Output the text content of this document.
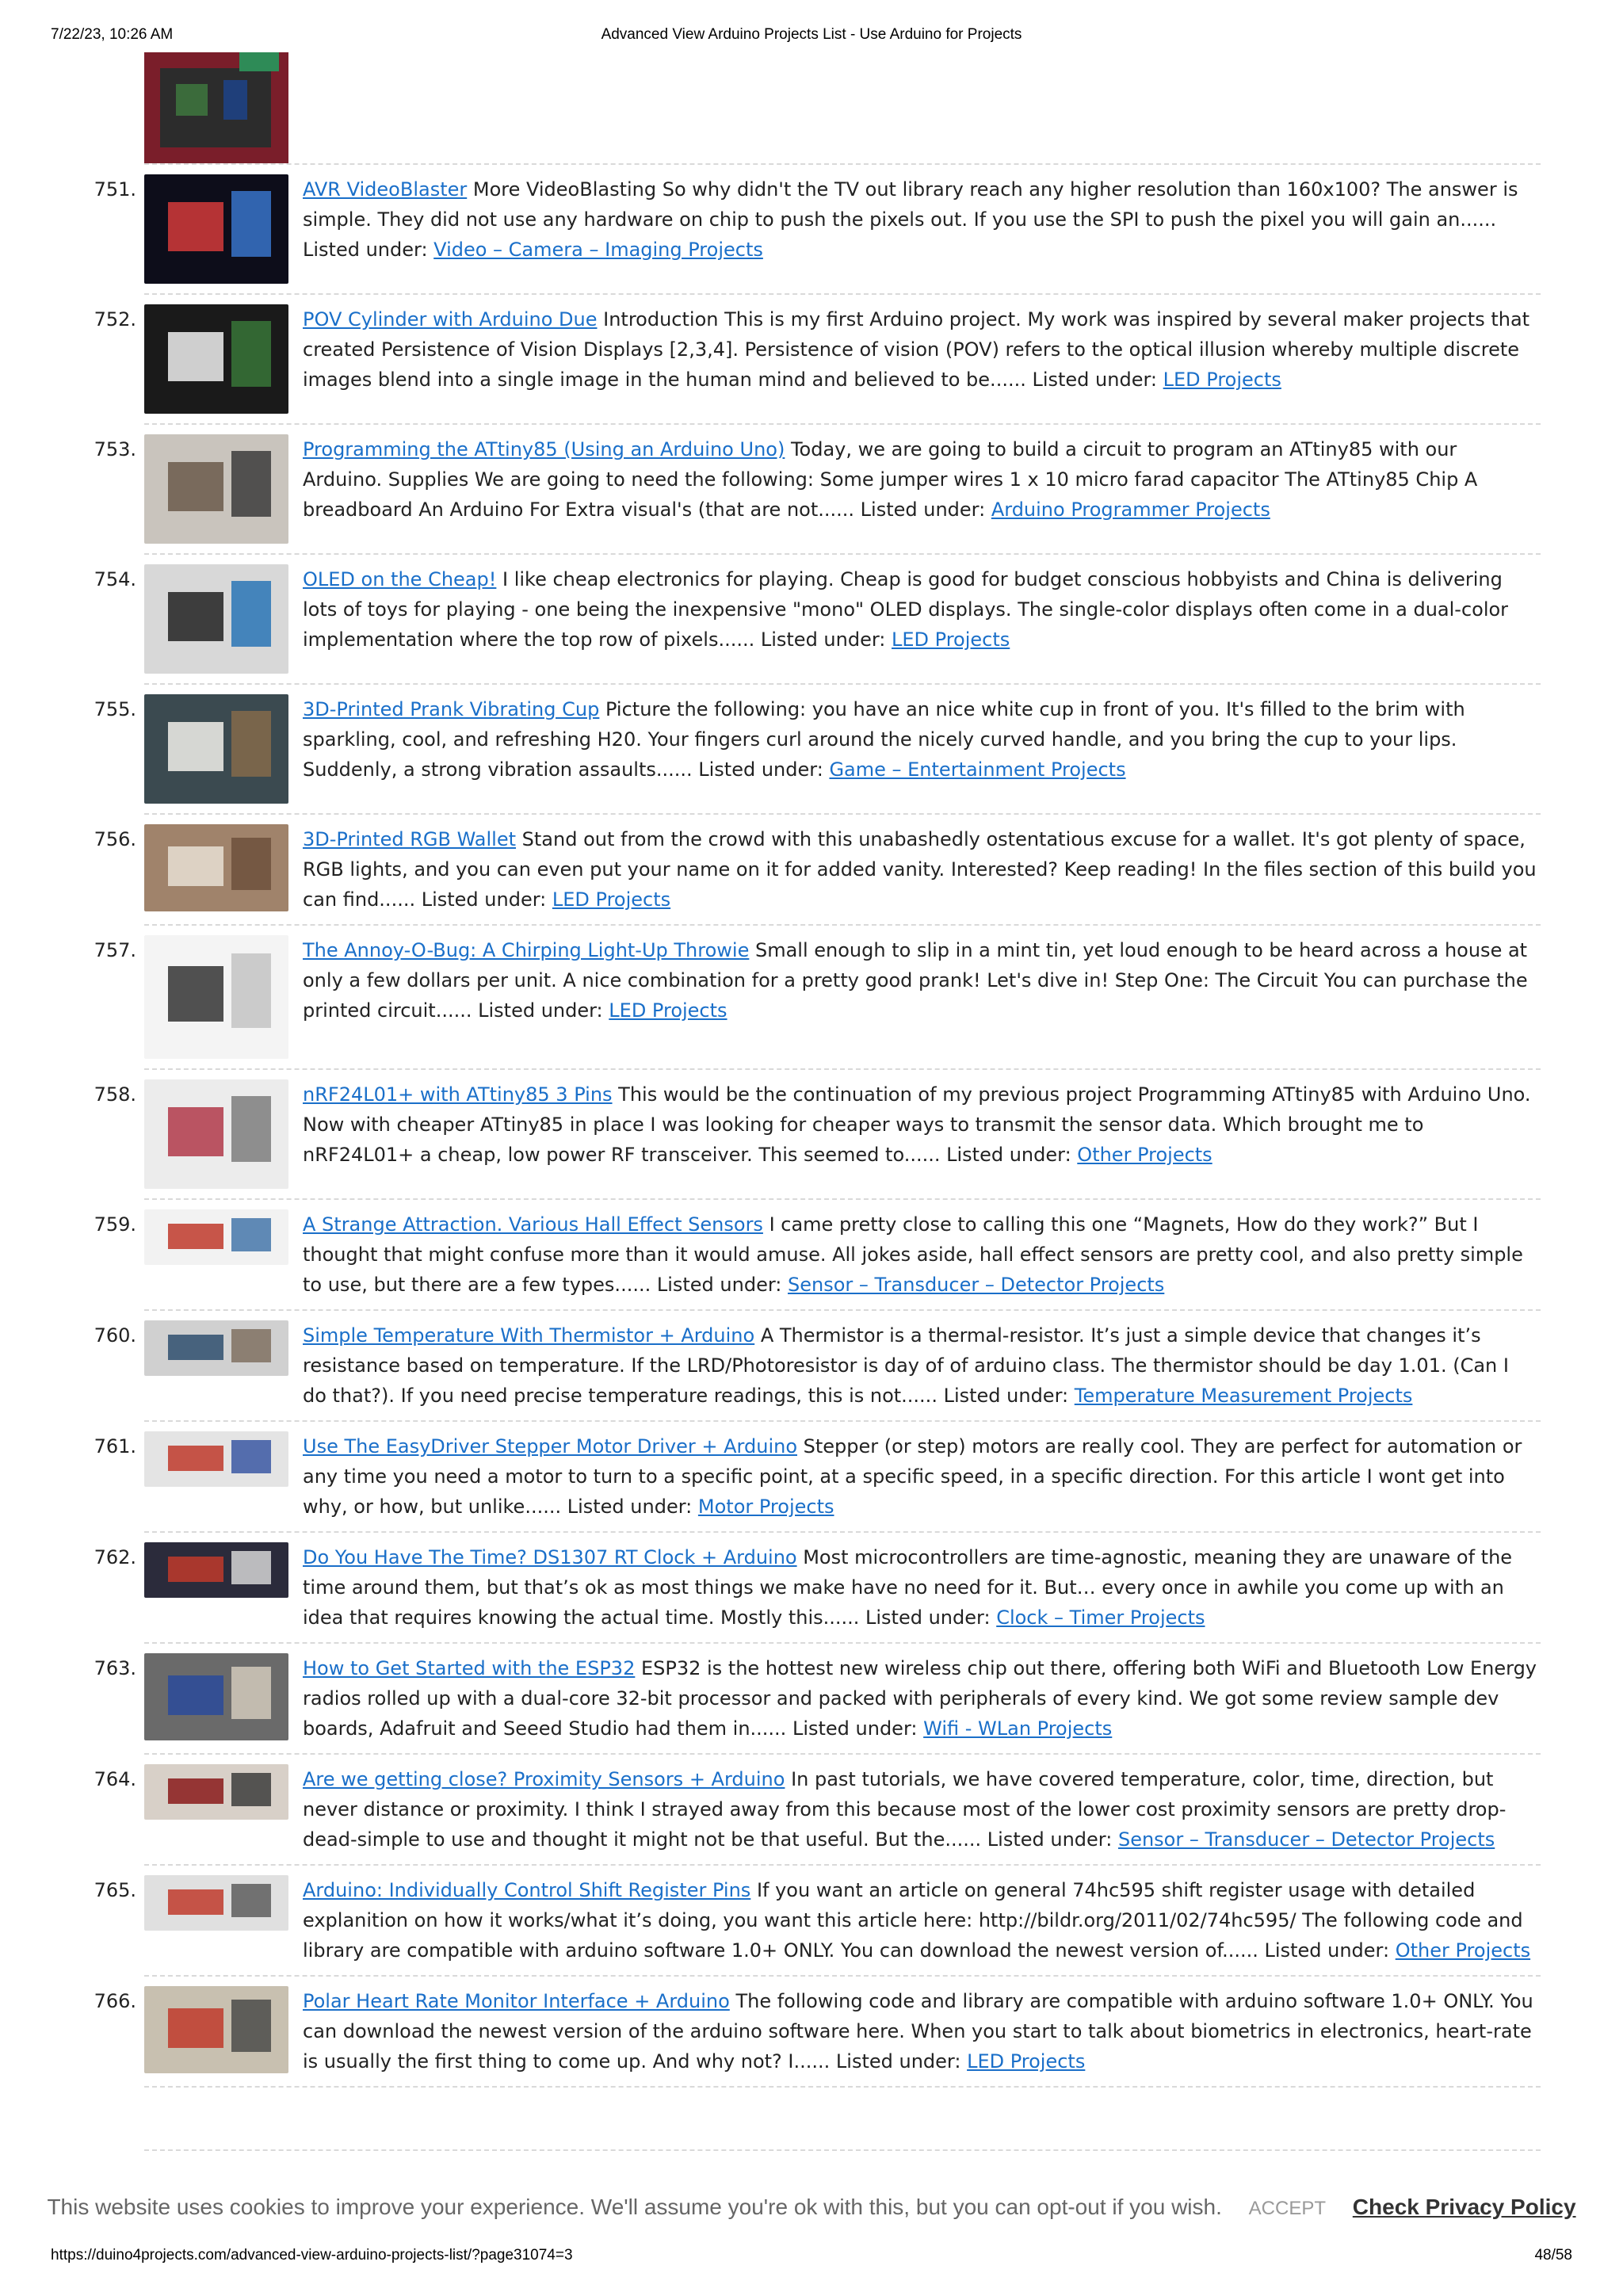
7/22/23, 10:26 AM	Advanced View Arduino Projects List - Use Arduino for Projects
751.	AVR VideoBlaster More VideoBlasting So why didn't the TV out library reach any higher resolution than 160x100? The answer is simple. They did not use any hardware on chip to push the pixels out. If you use the SPI to push the pixel you will gain an...... Listed under: Video – Camera – Imaging Projects
752.	POV Cylinder with Arduino Due Introduction This is my first Arduino project. My work was inspired by several maker projects that created Persistence of Vision Displays [2,3,4]. Persistence of vision (POV) refers to the optical illusion whereby multiple discrete images blend into a single image in the human mind and believed to be...... Listed under: LED Projects
753.	Programming the ATtiny85 (Using an Arduino Uno) Today, we are going to build a circuit to program an ATtiny85 with our Arduino. Supplies We are going to need the following: Some jumper wires 1 x 10 micro farad capacitor The ATtiny85 Chip A breadboard An Arduino For Extra visual's (that are not...... Listed under: Arduino Programmer Projects
754.	OLED on the Cheap! I like cheap electronics for playing. Cheap is good for budget conscious hobbyists and China is delivering lots of toys for playing - one being the inexpensive "mono" OLED displays. The single-color displays often come in a dual-color implementation where the top row of pixels...... Listed under: LED Projects
755.	3D-Printed Prank Vibrating Cup Picture the following: you have an nice white cup in front of you. It's filled to the brim with sparkling, cool, and refreshing H20. Your fingers curl around the nicely curved handle, and you bring the cup to your lips. Suddenly, a strong vibration assaults...... Listed under: Game – Entertainment Projects
756.	3D-Printed RGB Wallet Stand out from the crowd with this unabashedly ostentatious excuse for a wallet. It's got plenty of space, RGB lights, and you can even put your name on it for added vanity. Interested? Keep reading! In the files section of this build you can find...... Listed under: LED Projects
757.	The Annoy-O-Bug: A Chirping Light-Up Throwie Small enough to slip in a mint tin, yet loud enough to be heard across a house at only a few dollars per unit. A nice combination for a pretty good prank! Let's dive in! Step One: The Circuit You can purchase the printed circuit...... Listed under: LED Projects
758.	nRF24L01+ with ATtiny85 3 Pins This would be the continuation of my previous project Programming ATtiny85 with Arduino Uno. Now with cheaper ATtiny85 in place I was looking for cheaper ways to transmit the sensor data. Which brought me to nRF24L01+ a cheap, low power RF transceiver. This seemed to...... Listed under: Other Projects
759.	A Strange Attraction. Various Hall Effect Sensors I came pretty close to calling this one “Magnets, How do they work?” But I thought that might confuse more than it would amuse. All jokes aside, hall effect sensors are pretty cool, and also pretty simple to use, but there are a few types...... Listed under: Sensor – Transducer – Detector Projects
760.	Simple Temperature With Thermistor + Arduino A Thermistor is a thermal-resistor. It’s just a simple device that changes it’s resistance based on temperature. If the LRD/Photoresistor is day of of arduino class. The thermistor should be day 1.01. (Can I do that?). If you need precise temperature readings, this is not...... Listed under: Temperature Measurement Projects
761.	Use The EasyDriver Stepper Motor Driver + Arduino Stepper (or step) motors are really cool. They are perfect for automation or any time you need a motor to turn to a specific point, at a specific speed, in a specific direction. For this article I wont get into why, or how, but unlike...... Listed under: Motor Projects
762.	Do You Have The Time? DS1307 RT Clock + Arduino Most microcontrollers are time-agnostic, meaning they are unaware of the time around them, but that’s ok as most things we make have no need for it. But… every once in awhile you come up with an idea that requires knowing the actual time. Mostly this...... Listed under: Clock – Timer Projects
763.	How to Get Started with the ESP32 ESP32 is the hottest new wireless chip out there, offering both WiFi and Bluetooth Low Energy radios rolled up with a dual-core 32-bit processor and packed with peripherals of every kind. We got some review sample dev boards, Adafruit and Seeed Studio had them in...... Listed under: Wifi - WLan Projects
764.	Are we getting close? Proximity Sensors + Arduino In past tutorials, we have covered temperature, color, time, direction, but never distance or proximity. I think I strayed away from this because most of the lower cost proximity sensors are pretty drop-dead-simple to use and thought it might not be that useful. But the...... Listed under: Sensor – Transducer – Detector Projects
765.	Arduino: Individually Control Shift Register Pins If you want an article on general 74hc595 shift register usage with detailed explanition on how it works/what it’s doing, you want this article here: http://bildr.org/2011/02/74hc595/ The following code and library are compatible with arduino software 1.0+ ONLY. You can download the newest version of...... Listed under: Other Projects
766.	Polar Heart Rate Monitor Interface + Arduino The following code and library are compatible with arduino software 1.0+ ONLY. You can download the newest version of the arduino software here. When you start to talk about biometrics in electronics, heart-rate is usually the first thing to come up. And why not? I...... Listed under: LED Projects
This website uses cookies to improve your experience. We'll assume you're ok with this, but you can opt-out if you wish. ACCEPT Check Privacy Policy
https://duino4projects.com/advanced-view-arduino-projects-list/?page31074=3	48/58
